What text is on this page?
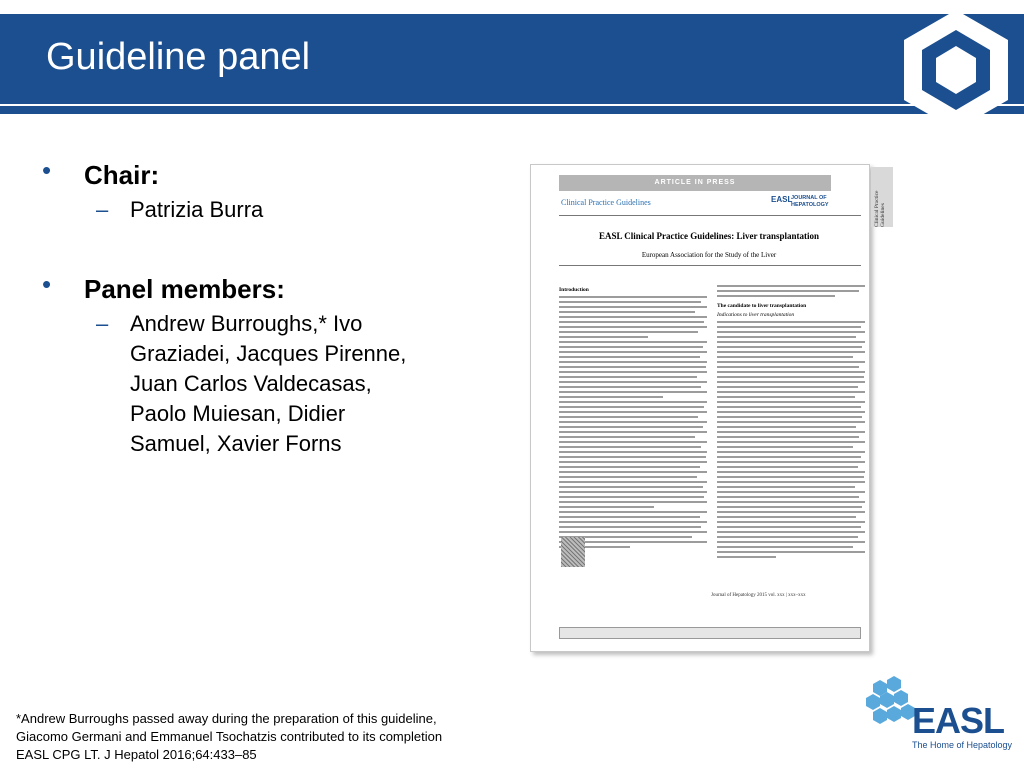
Guideline panel
• Chair:
– Patrizia Burra
• Panel members:
– Andrew Burroughs,* Ivo
Graziadei, Jacques Pirenne,
Juan Carlos Valdecasas,
Paolo Muiesan, Didier
Samuel, Xavier Forns
ARTICLE IN PRESS
Clinical Practice Guidelines
Clinical Practice Guidelines	EASL
JOURNAL OF HEPATOLOGY
EASL Clinical Practice Guidelines: Liver transplantation
European Association for the Study of the Liver
Introduction
The candidate to liver transplantation
Indications to liver transplantation
Journal of Hepatology 2015 vol. xxx | xxx–xxx
EASL
The Home of Hepatology
*Andrew Burroughs passed away during the preparation of this guideline,
Giacomo Germani and Emmanuel Tsochatzis contributed to its completion
EASL CPG LT. J Hepatol 2016;64:433–85
